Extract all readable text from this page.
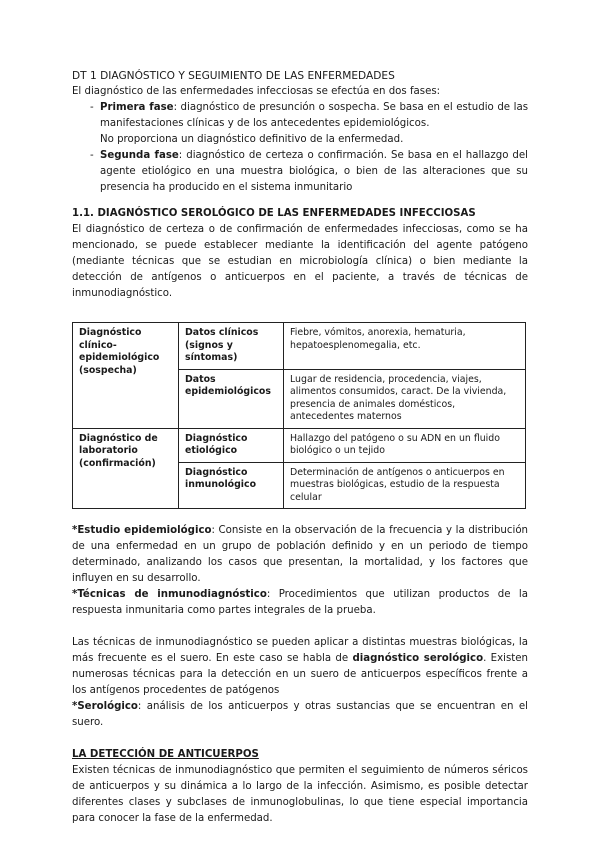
DT 1 DIAGNÓSTICO Y SEGUIMIENTO DE LAS ENFERMEDADES

El diagnóstico de las enfermedades infecciosas se efectúa en dos fases:

- Primera fase: diagnóstico de presunción o sospecha. Se basa en el estudio de las manifestaciones clínicas y de los antecedentes epidemiológicos.
No proporciona un diagnóstico definitivo de la enfermedad.
- Segunda fase: diagnóstico de certeza o confirmación. Se basa en el hallazgo del agente etiológico en una muestra biológica, o bien de las alteraciones que su presencia ha producido en el sistema inmunitario
1.1. DIAGNÓSTICO SEROLÓGICO DE LAS ENFERMEDADES INFECCIOSAS

El diagnóstico de certeza o de confirmación de enfermedades infecciosas, como se ha mencionado, se puede establecer mediante la identificación del agente patógeno (mediante técnicas que se estudian en microbiología clínica) o bien mediante la detección de antígenos o anticuerpos en el paciente, a través de técnicas de inmunodiagnóstico.

Diagnóstico clínico-epidemiológico (sospecha)	Datos clínicos (signos y síntomas)	Fiebre, vómitos, anorexia, hematuria, hepatoesplenomegalia, etc.
	Datos epidemiológicos	Lugar de residencia, procedencia, viajes, alimentos consumidos, caract. De la vivienda, presencia de animales domésticos, antecedentes maternos
Diagnóstico de laboratorio (confirmación)	Diagnóstico etiológico	Hallazgo del patógeno o su ADN en un fluido biológico o un tejido
	Diagnóstico inmunológico	Determinación de antígenos o anticuerpos en muestras biológicas, estudio de la respuesta celular

*Estudio epidemiológico: Consiste en la observación de la frecuencia y la distribución de una enfermedad en un grupo de población definido y en un periodo de tiempo determinado, analizando los casos que presentan, la mortalidad, y los factores que influyen en su desarrollo.

*Técnicas de inmunodiagnóstico: Procedimientos que utilizan productos de la respuesta inmunitaria como partes integrales de la prueba.

Las técnicas de inmunodiagnóstico se pueden aplicar a distintas muestras biológicas, la más frecuente es el suero. En este caso se habla de diagnóstico serológico. Existen numerosas técnicas para la detección en un suero de anticuerpos específicos frente a los antígenos procedentes de patógenos

*Serológico: análisis de los anticuerpos y otras sustancias que se encuentran en el suero.

LA DETECCIÓN DE ANTICUERPOS

Existen técnicas de inmunodiagnóstico que permiten el seguimiento de números séricos de anticuerpos y su dinámica a lo largo de la infección. Asimismo, es posible detectar diferentes clases y subclases de inmunoglobulinas, lo que tiene especial importancia para conocer la fase de la enfermedad.
